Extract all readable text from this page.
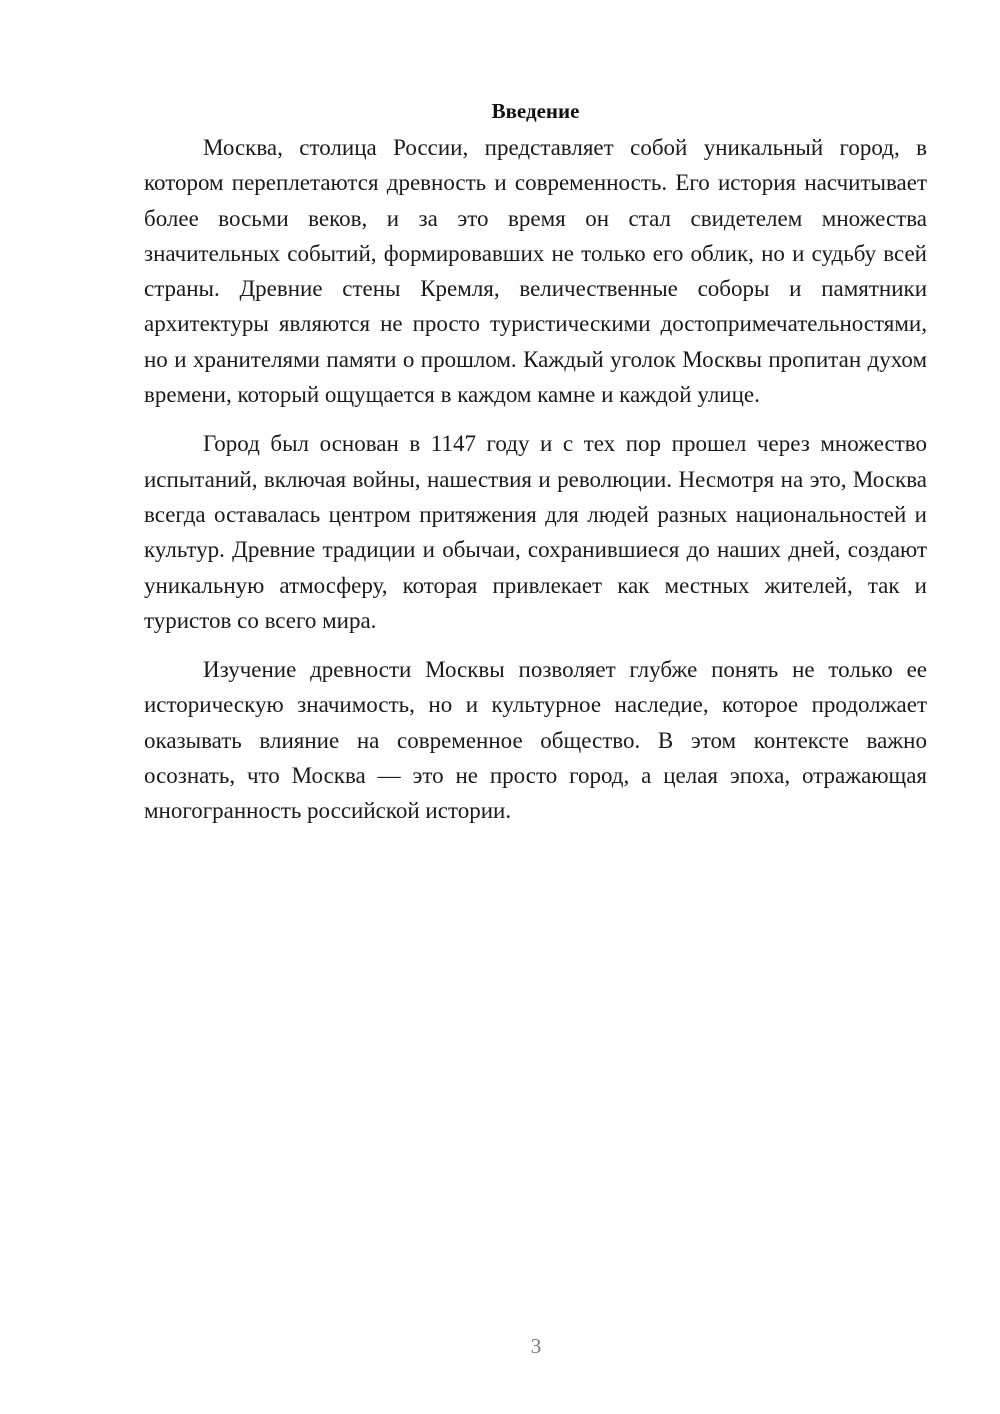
Введение

Москва, столица России, представляет собой уникальный город, в котором переплетаются древность и современность. Его история насчитывает более восьми веков, и за это время он стал свидетелем множества значительных событий, формировавших не только его облик, но и судьбу всей страны. Древние стены Кремля, величественные соборы и памятники архитектуры являются не просто туристическими достопримечательностями, но и хранителями памяти о прошлом. Каждый уголок Москвы пропитан духом времени, который ощущается в каждом камне и каждой улице.

Город был основан в 1147 году и с тех пор прошел через множество испытаний, включая войны, нашествия и революции. Несмотря на это, Москва всегда оставалась центром притяжения для людей разных национальностей и культур. Древние традиции и обычаи, сохранившиеся до наших дней, создают уникальную атмосферу, которая привлекает как местных жителей, так и туристов со всего мира.

Изучение древности Москвы позволяет глубже понять не только ее историческую значимость, но и культурное наследие, которое продолжает оказывать влияние на современное общество. В этом контексте важно осознать, что Москва — это не просто город, а целая эпоха, отражающая многогранность российской истории.

3
